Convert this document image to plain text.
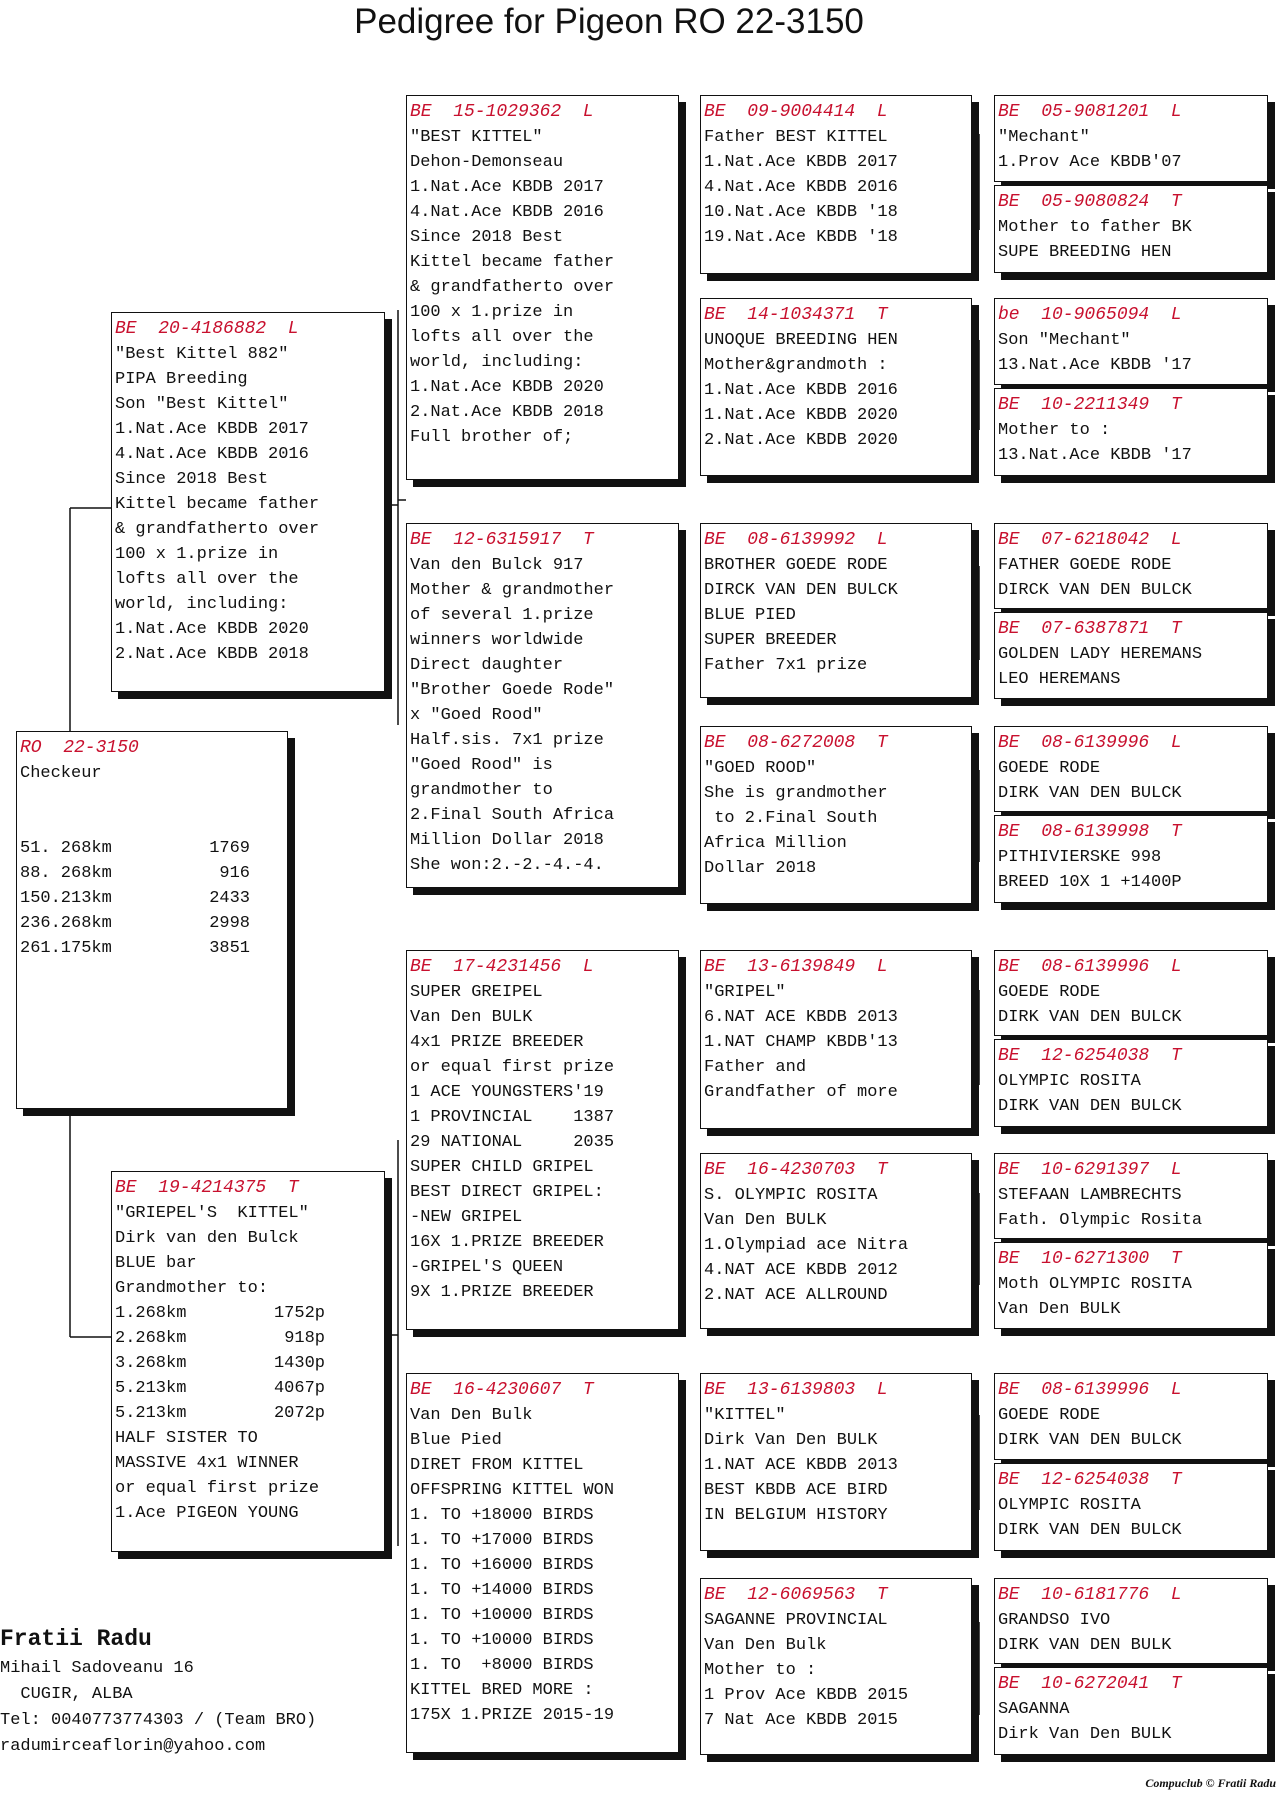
Pedigree for Pigeon RO 22-3150
RO  22-3150
Checkeur
51. 268km	1769
88. 268km	916
150.213km	2433
236.268km	2998
261.175km	3851
BE  20-4186882  L
"Best Kittel 882"
PIPA Breeding
Son "Best Kittel"
1.Nat.Ace KBDB 2017
4.Nat.Ace KBDB 2016
Since 2018 Best
Kittel became father
& grandfatherto over
100 x 1.prize in
lofts all over the
world, including:
1.Nat.Ace KBDB 2020
2.Nat.Ace KBDB 2018
BE  19-4214375  T
"GRIEPEL'S  KITTEL"
Dirk van den Bulck
BLUE bar
Grandmother to:
1.268km	1752p
2.268km	918p
3.268km	1430p
5.213km	4067p
5.213km	2072p
HALF SISTER TO
MASSIVE 4x1 WINNER
or equal first prize
1.Ace PIGEON YOUNG
BE  15-1029362  L
"BEST KITTEL"
Dehon-Demonseau
1.Nat.Ace KBDB 2017
4.Nat.Ace KBDB 2016
Since 2018 Best
Kittel became father
& grandfatherto over
100 x 1.prize in
lofts all over the
world, including:
1.Nat.Ace KBDB 2020
2.Nat.Ace KBDB 2018
Full brother of;
BE  12-6315917  T
Van den Bulck 917
Mother & grandmother
of several 1.prize
winners worldwide
Direct daughter
"Brother Goede Rode"
x "Goed Rood"
Half.sis. 7x1 prize
"Goed Rood" is
grandmother to
2.Final South Africa
Million Dollar 2018
She won:2.-2.-4.-4.
BE  17-4231456  L
SUPER GREIPEL
Van Den BULK
4x1 PRIZE BREEDER
or equal first prize
1 ACE YOUNGSTERS'19
1 PROVINCIAL    1387
29 NATIONAL     2035
SUPER CHILD GRIPEL
BEST DIRECT GRIPEL:
-NEW GRIPEL
16X 1.PRIZE BREEDER
-GRIPEL'S QUEEN
9X 1.PRIZE BREEDER
BE  16-4230607  T
Van Den Bulk
Blue Pied
DIRET FROM KITTEL
OFFSPRING KITTEL WON
1. TO +18000 BIRDS
1. TO +17000 BIRDS
1. TO +16000 BIRDS
1. TO +14000 BIRDS
1. TO +10000 BIRDS
1. TO +10000 BIRDS
1. TO  +8000 BIRDS
KITTEL BRED MORE :
175X 1.PRIZE 2015-19
BE  09-9004414  L
Father BEST KITTEL
1.Nat.Ace KBDB 2017
4.Nat.Ace KBDB 2016
10.Nat.Ace KBDB '18
19.Nat.Ace KBDB '18
BE  14-1034371  T
UNOQUE BREEDING HEN
Mother&grandmoth :
1.Nat.Ace KBDB 2016
1.Nat.Ace KBDB 2020
2.Nat.Ace KBDB 2020
BE  08-6139992  L
BROTHER GOEDE RODE
DIRCK VAN DEN BULCK
BLUE PIED
SUPER BREEDER
Father 7x1 prize
BE  08-6272008  T
"GOED ROOD"
She is grandmother
to 2.Final South
Africa Million
Dollar 2018
BE  13-6139849  L
"GRIPEL"
6.NAT ACE KBDB 2013
1.NAT CHAMP KBDB'13
Father and
Grandfather of more
BE  16-4230703  T
S. OLYMPIC ROSITA
Van Den BULK
1.Olympiad ace Nitra
4.NAT ACE KBDB 2012
2.NAT ACE ALLROUND
BE  13-6139803  L
"KITTEL"
Dirk Van Den BULK
1.NAT ACE KBDB 2013
BEST KBDB ACE BIRD
IN BELGIUM HISTORY
BE  12-6069563  T
SAGANNE PROVINCIAL
Van Den Bulk
Mother to :
1 Prov Ace KBDB 2015
7 Nat Ace KBDB 2015
BE  05-9081201  L
"Mechant"
1.Prov Ace KBDB'07
BE  05-9080824  T
Mother to father BK
SUPE BREEDING HEN
be  10-9065094  L
Son "Mechant"
13.Nat.Ace KBDB '17
BE  10-2211349  T
Mother to :
13.Nat.Ace KBDB '17
BE  07-6218042  L
FATHER GOEDE RODE
DIRCK VAN DEN BULCK
BE  07-6387871  T
GOLDEN LADY HEREMANS
LEO HEREMANS
BE  08-6139996  L
GOEDE RODE
DIRK VAN DEN BULCK
BE  08-6139998  T
PITHIVIERSKE 998
BREED 10X 1 +1400P
BE  08-6139996  L
GOEDE RODE
DIRK VAN DEN BULCK
BE  12-6254038  T
OLYMPIC ROSITA
DIRK VAN DEN BULCK
BE  10-6291397  L
STEFAAN LAMBRECHTS
Fath. Olympic Rosita
BE  10-6271300  T
Moth OLYMPIC ROSITA
Van Den BULK
BE  08-6139996  L
GOEDE RODE
DIRK VAN DEN BULCK
BE  12-6254038  T
OLYMPIC ROSITA
DIRK VAN DEN BULCK
BE  10-6181776  L
GRANDSO IVO
DIRK VAN DEN BULK
BE  10-6272041  T
SAGANNA
Dirk Van Den BULK
Fratii Radu
Mihail Sadoveanu 16
CUGIR, ALBA
Tel: 0040773774303 / (Team BRO)
radumirceaflorin@yahoo.com
Compuclub © Fratii Radu
